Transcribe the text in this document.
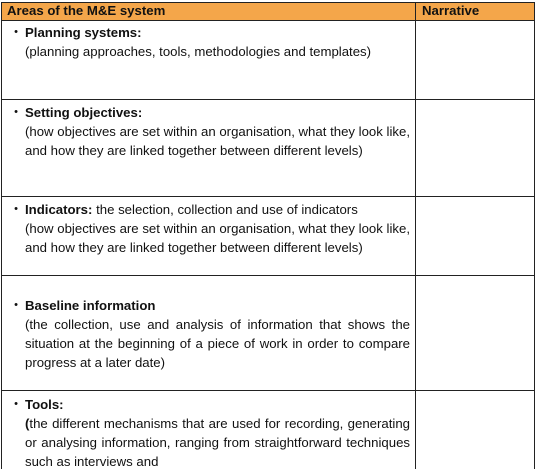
Areas of the M&E system	Narrative
• Planning systems:
(planning approaches, tools, methodologies and templates)
• Setting objectives:
(how objectives are set within an organisation, what they look like, and how they are linked together between different levels)
• Indicators: the selection, collection and use of indicators
(how objectives are set within an organisation, what they look like, and how they are linked together between different levels)
• Baseline information
(the collection, use and analysis of information that shows the situation at the beginning of a piece of work in order to compare progress at a later date)
• Tools:
(the different mechanisms that are used for recording, generating or analysing information, ranging from straightforward techniques such as interviews and
